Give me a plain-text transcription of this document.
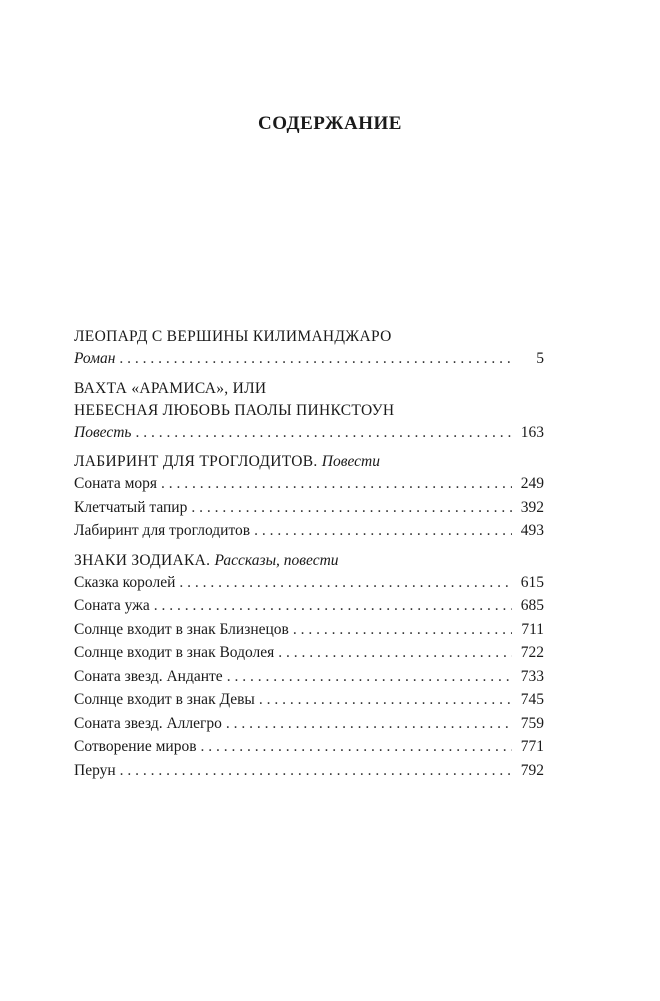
СОДЕРЖАНИЕ
ЛЕОПАРД С ВЕРШИНЫ КИЛИМАНДЖАРО
Роман . . .	5
ВАХТА «АРАМИСА», ИЛИ
НЕБЕСНАЯ ЛЮБОВЬ ПАОЛЫ ПИНКСТОУН
Повесть . . .	163
ЛАБИРИНТ ДЛЯ ТРОГЛОДИТОВ. Повести
Соната моря . . .	249
Клетчатый тапир . . .	392
Лабиринт для троглодитов . . .	493
ЗНАКИ ЗОДИАКА. Рассказы, повести
Сказка королей . . .	615
Соната ужа . . .	685
Солнце входит в знак Близнецов . . .	711
Солнце входит в знак Водолея . . .	722
Соната звезд. Анданте . . .	733
Солнце входит в знак Девы . . .	745
Соната звезд. Аллегро . . .	759
Сотворение миров . . .	771
Перун . . .	792
